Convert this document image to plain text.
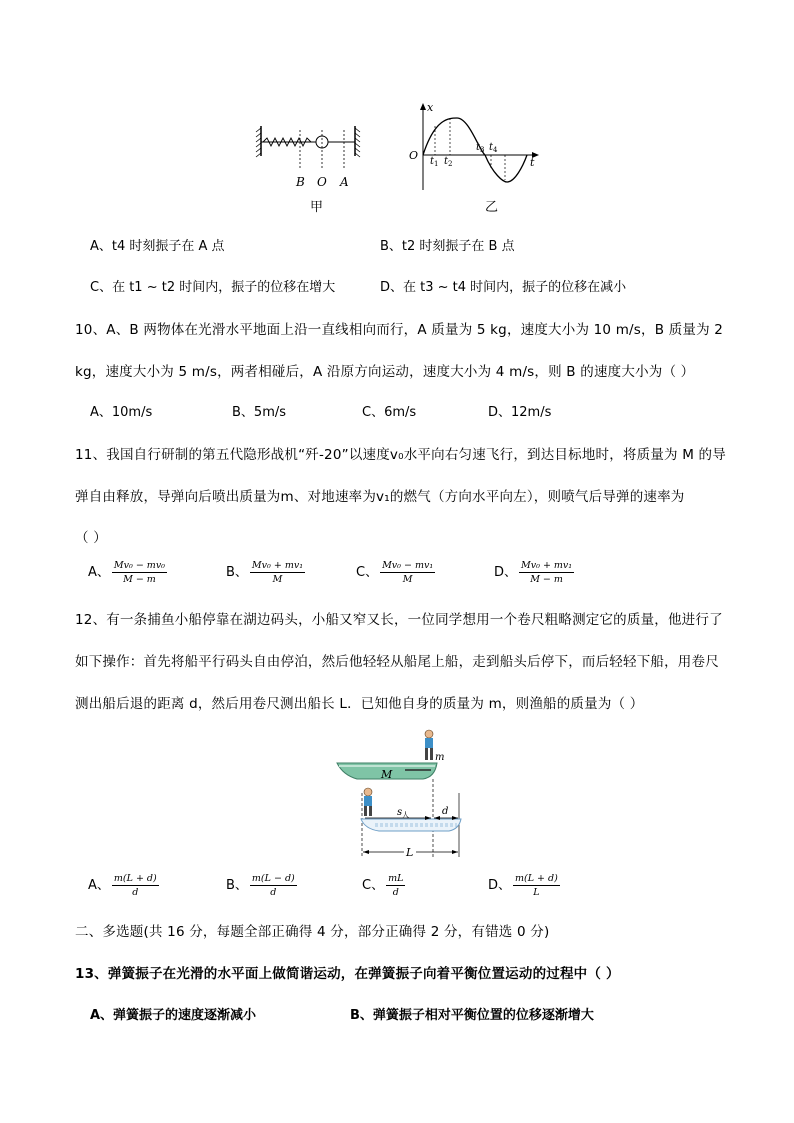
B O A
甲
x
t
O $t_1$ $t_2$
$t_3$ $t_4$
乙
A、t4 时刻振子在 A 点	B、t2 时刻振子在 B 点
C、在 t1 ~ t2 时间内，振子的位移在增大	D、在 t3 ~ t4 时间内，振子的位移在减小
10、A、B 两物体在光滑水平地面上沿一直线相向而行，A 质量为 5 kg，速度大小为 10 m/s，B 质量为 2
kg，速度大小为 5 m/s，两者相碰后，A 沿原方向运动，速度大小为 4 m/s，则 B 的速度大小为（ ）
A、10m/s	B、5m/s	C、6m/s	D、12m/s
11、我国自行研制的第五代隐形战机“歼-20”以速度v₀水平向右匀速飞行，到达目标地时，将质量为 M 的导
弹自由释放，导弹向后喷出质量为m、对地速率为v₁的燃气（方向水平向左），则喷气后导弹的速率为
（ ）
A、 $\frac{\text{Mv₀ − mv₀}}{M - m}$	B、 $\frac{\text{Mv₀ + mv₁}}{M}$	C、 $\frac{\text{Mv₀ − mv₁}}{M}$	D、 $\frac{\text{Mv₀ + mv₁}}{M - m}$
12、有一条捕鱼小船停靠在湖边码头，小船又窄又长，一位同学想用一个卷尺粗略测定它的质量，他进行了
如下操作：首先将船平行码头自由停泊，然后他轻轻从船尾上船，走到船头后停下，而后轻轻下船，用卷尺
测出船后退的距离 d，然后用卷尺测出船长 L．已知他自身的质量为 m，则渔船的质量为（ ）
M
m
$s_人$	d
L
A、 $\frac{m(L + d)}{d}$	B、 $\frac{m(L - d)}{d}$	C、 $\frac{mL}{d}$	D、 $\frac{m(L + d)}{L}$
二、多选题(共 16 分，每题全部正确得 4 分，部分正确得 2 分，有错选 0 分)
13、弹簧振子在光滑的水平面上做简谐运动，在弹簧振子向着平衡位置运动的过程中（ ）
A、弹簧振子的速度逐渐减小	B、弹簧振子相对平衡位置的位移逐渐增大
